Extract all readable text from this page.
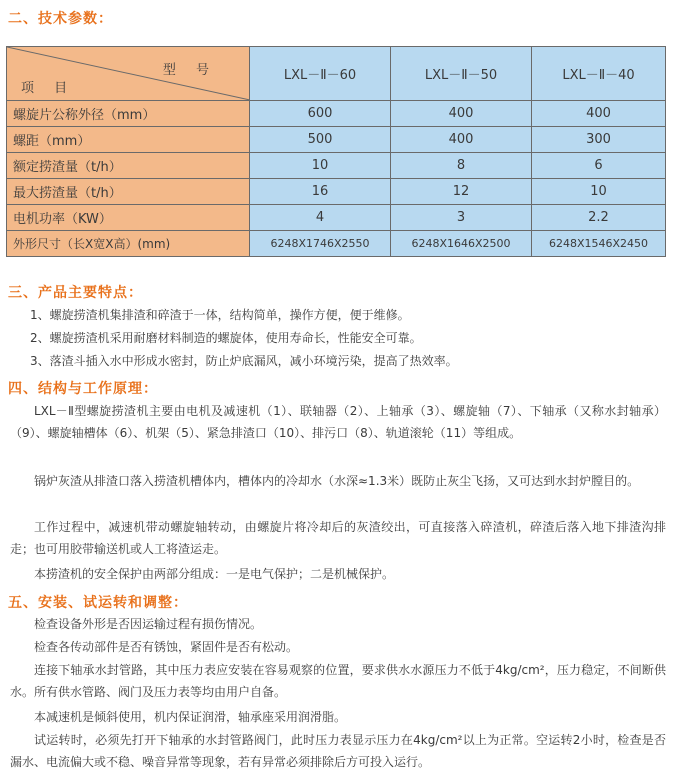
二、技术参数：
型 号
项 目	LXL－Ⅱ－60	LXL－Ⅱ－50	LXL－Ⅱ－40
螺旋片公称外径（mm）	600	400	400
螺距（mm）	500	400	300
额定捞渣量（t/h）	10	8	6
最大捞渣量（t/h）	16	12	10
电机功率（KW）	4	3	2.2
外形尺寸（长X宽X高）(mm)	6248X1746X2550	6248X1646X2500	6248X1546X2450
三、产品主要特点：
1、螺旋捞渣机集排渣和碎渣于一体，结构简单，操作方便，便于维修。
2、螺旋捞渣机采用耐磨材料制造的螺旋体，使用寿命长，性能安全可靠。
3、落渣斗插入水中形成水密封，防止炉底漏风，减小环境污染，提高了热效率。
四、结构与工作原理：
LXL－Ⅱ型螺旋捞渣机主要由电机及减速机（1）、联轴器（2）、上轴承（3）、螺旋轴（7）、下轴承（又称水封轴承）（9）、螺旋轴槽体（6）、机架（5）、紧急排渣口（10）、排污口（8）、轨道滚轮（11）等组成。
锅炉灰渣从排渣口落入捞渣机槽体内，槽体内的冷却水（水深≈1.3米）既防止灰尘飞扬，又可达到水封炉膛目的。
工作过程中，减速机带动螺旋轴转动，由螺旋片将冷却后的灰渣绞出，可直接落入碎渣机，碎渣后落入地下排渣沟排走；也可用胶带输送机或人工将渣运走。
本捞渣机的安全保护由两部分组成：一是电气保护；二是机械保护。
五、安装、试运转和调整：
检查设备外形是否因运输过程有损伤情况。
检查各传动部件是否有锈蚀，紧固件是否有松动。
连接下轴承水封管路，其中压力表应安装在容易观察的位置，要求供水水源压力不低于4kg/cm²，压力稳定，不间断供水。所有供水管路、阀门及压力表等均由用户自备。
本减速机是倾斜使用，机内保证润滑，轴承座采用润滑脂。
试运转时，必须先打开下轴承的水封管路阀门，此时压力表显示压力在4kg/cm²以上为正常。空运转2小时，检查是否漏水、电流偏大或不稳、噪音异常等现象，若有异常必须排除后方可投入运行。
